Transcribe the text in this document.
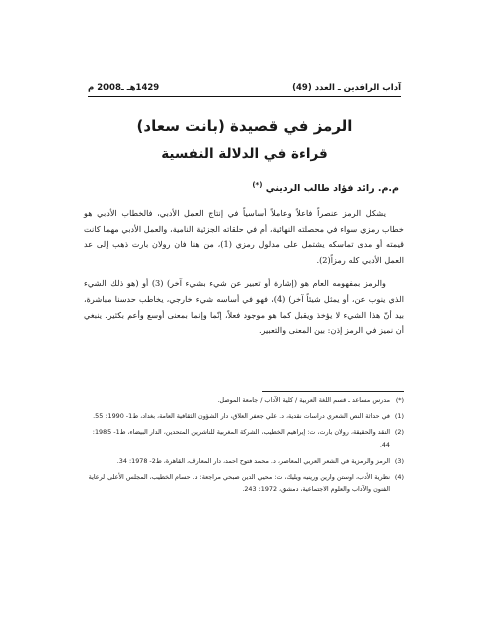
آداب الرافدين ـ العدد (49)
1429هـ ـ2008 م
الرمز في قصيدة (بانت سعاد)
قراءة في الدلالة النفسية
م.م. رائد فؤاد طالب الرديني (*)

يشكل الرمز عنصراً فاعلاً وعاملاً أساسياً في إنتاج العمل الأدبي، فالخطاب الأدبي هو خطاب رمزي سواء في محصلته النهائية، أم في حلقاته الجزئية النامية، والعمل الأدبي مهما كانت قيمته أو مدى تماسكه يشتمل على مدلول رمزي (1)، من هنا فان رولان بارت ذهب إلى عد العمل الأدبي كله رمزاً(2).

والرمز بمفهومه العام هو (إشارة أو تعبير عن شيء بشيء آخر) (3) أو (هو ذلك الشيء الذي ينوب عن، أو يمثل شيئاً آخر) (4)، فهو في أساسه شيء خارجي، يخاطب حدسنا مباشرة، بيد أنّ هذا الشيء لا يؤخذ ويقبل كما هو موجود فعلاً، إنّما وإنما بمعنى أوسع وأعم بكثير. ينبغي أن نميز في الرمز إذن: بين المعنى والتعبير.

(*)
مدرس مساعد ـ قسم اللغة العربية / كلية الآداب / جامعة الموصل.
(1)
في حداثة النص الشعري دراسات نقدية، د. علي جعفر العلاق، دار الشؤون الثقافية العامة، بغداد، ط1- 1990: 55.
(2)
النقد والحقيقة، رولان بارت، ت: إبراهيم الخطيب، الشركة المغربية للناشرين المتحدين، الدار البيضاء، ط1- 1985: 44.
(3)
الرمز والرمزية في الشعر العربي المعاصر، د. محمد فتوح احمد، دار المعارف، القاهرة، ط2- 1978: 34.
(4)
نظرية الأدب، اوستن وارين ورينيه ويليك، ت: محيي الدين صبحي مراجعة: د. حسام الخطيب، المجلس الأعلى لرعاية الفنون والآداب والعلوم الاجتماعية، دمشق، 1972: 243.
